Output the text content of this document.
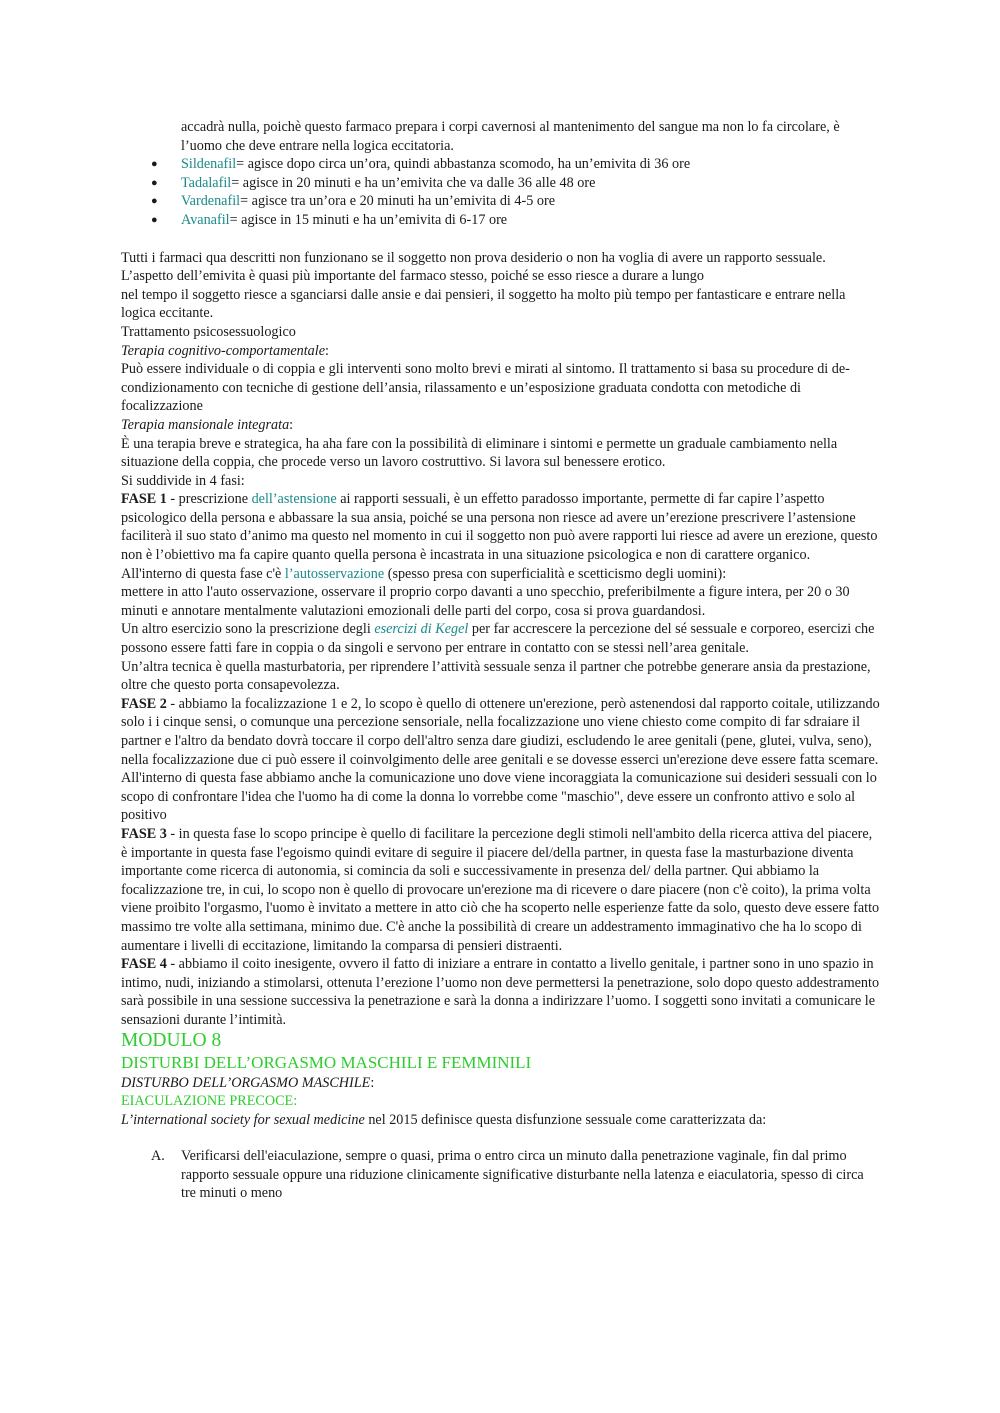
accadrà nulla, poichè questo farmaco prepara i corpi cavernosi al mantenimento del sangue ma non lo fa circolare, è l’uomo che deve entrare nella logica eccitatoria.

● Sildenafil= agisce dopo circa un’ora, quindi abbastanza scomodo, ha un’emivita di 36 ore
● Tadalafil= agisce in 20 minuti e ha un’emivita che va dalle 36 alle 48 ore
● Vardenafil= agisce tra un’ora e 20 minuti ha un’emivita di 4-5 ore
● Avanafil= agisce in 15 minuti e ha un’emivita di 6-17 ore

Tutti i farmaci qua descritti non funzionano se il soggetto non prova desiderio o non ha voglia di avere un rapporto sessuale.

L’aspetto dell’emivita è quasi più importante del farmaco stesso, poiché se esso riesce a durare a lungo

nel tempo il soggetto riesce a sganciarsi dalle ansie e dai pensieri, il soggetto ha molto più tempo per fantasticare e entrare nella logica eccitante.

Trattamento psicosessuologico

Terapia cognitivo-comportamentale:

Può essere individuale o di coppia e gli interventi sono molto brevi e mirati al sintomo. Il trattamento si basa su procedure di de-condizionamento con tecniche di gestione dell’ansia, rilassamento e un’esposizione graduata condotta con metodiche di focalizzazione

Terapia mansionale integrata:

È una terapia breve e strategica, ha aha fare con la possibilità di eliminare i sintomi e permette un graduale cambiamento nella situazione della coppia, che procede verso un lavoro costruttivo. Si lavora sul benessere erotico.

Si suddivide in 4 fasi:

FASE 1 - prescrizione dell’astensione ai rapporti sessuali, è un effetto paradosso importante, permette di far capire l’aspetto psicologico della persona e abbassare la sua ansia, poiché se una persona non riesce ad avere un’erezione prescrivere l’astensione faciliterà il suo stato d’animo ma questo nel momento in cui il soggetto non può avere rapporti lui riesce ad avere un erezione, questo non è l’obiettivo ma fa capire quanto quella persona è incastrata in una situazione psicologica e non di carattere organico.

All'interno di questa fase c'è l’autosservazione (spesso presa con superficialità e scetticismo degli uomini):

mettere in atto l'auto osservazione, osservare il proprio corpo davanti a uno specchio, preferibilmente a figure intera, per 20 o 30 minuti e annotare mentalmente valutazioni emozionali delle parti del corpo, cosa si prova guardandosi.

Un altro esercizio sono la prescrizione degli esercizi di Kegel per far accrescere la percezione del sé sessuale e corporeo, esercizi che possono essere fatti fare in coppia o da singoli e servono per entrare in contatto con se stessi nell’area genitale.

Un’altra tecnica è quella masturbatoria, per riprendere l’attività sessuale senza il partner che potrebbe generare ansia da prestazione, oltre che questo porta consapevolezza.

FASE 2 - abbiamo la focalizzazione 1 e 2, lo scopo è quello di ottenere un'erezione, però astenendosi dal rapporto coitale, utilizzando solo i i cinque sensi, o comunque una percezione sensoriale, nella focalizzazione uno viene chiesto come compito di far sdraiare il partner e l'altro da bendato dovrà toccare il corpo dell'altro senza dare giudizi, escludendo le aree genitali (pene, glutei, vulva, seno), nella focalizzazione due ci può essere il coinvolgimento delle aree genitali e se dovesse esserci un'erezione deve essere fatta scemare. All'interno di questa fase abbiamo anche la comunicazione uno dove viene incoraggiata la comunicazione sui desideri sessuali con lo scopo di confrontare l'idea che l'uomo ha di come la donna lo vorrebbe come "maschio", deve essere un confronto attivo e solo al positivo

FASE 3 - in questa fase lo scopo principe è quello di facilitare la percezione degli stimoli nell'ambito della ricerca attiva del piacere, è importante in questa fase l'egoismo quindi evitare di seguire il piacere del/della partner, in questa fase la masturbazione diventa importante come ricerca di autonomia, si comincia da soli e successivamente in presenza del/ della partner. Qui abbiamo la focalizzazione tre, in cui, lo scopo non è quello di provocare un'erezione ma di ricevere o dare piacere (non c'è coito), la prima volta viene proibito l'orgasmo, l'uomo è invitato a mettere in atto ciò che ha scoperto nelle esperienze fatte da solo, questo deve essere fatto massimo tre volte alla settimana, minimo due. C'è anche la possibilità di creare un addestramento immaginativo che ha lo scopo di aumentare i livelli di eccitazione, limitando la comparsa di pensieri distraenti.

FASE 4 - abbiamo il coito inesigente, ovvero il fatto di iniziare a entrare in contatto a livello genitale, i partner sono in uno spazio in intimo, nudi, iniziando a stimolarsi, ottenuta l’erezione l’uomo non deve permettersi la penetrazione, solo dopo questo addestramento sarà possibile in una sessione successiva la penetrazione e sarà la donna a indirizzare l’uomo. I soggetti sono invitati a comunicare le sensazioni durante l’intimità.

MODULO 8

DISTURBI DELL’ORGASMO MASCHILI E FEMMINILI

DISTURBO DELL’ORGASMO MASCHILE:

EIACULAZIONE PRECOCE:

L’international society for sexual medicine nel 2015 definisce questa disfunzione sessuale come caratterizzata da:

A. Verificarsi dell'eiaculazione, sempre o quasi, prima o entro circa un minuto dalla penetrazione vaginale, fin dal primo rapporto sessuale oppure una riduzione clinicamente significative disturbante nella latenza e eiaculatoria, spesso di circa tre minuti o meno
